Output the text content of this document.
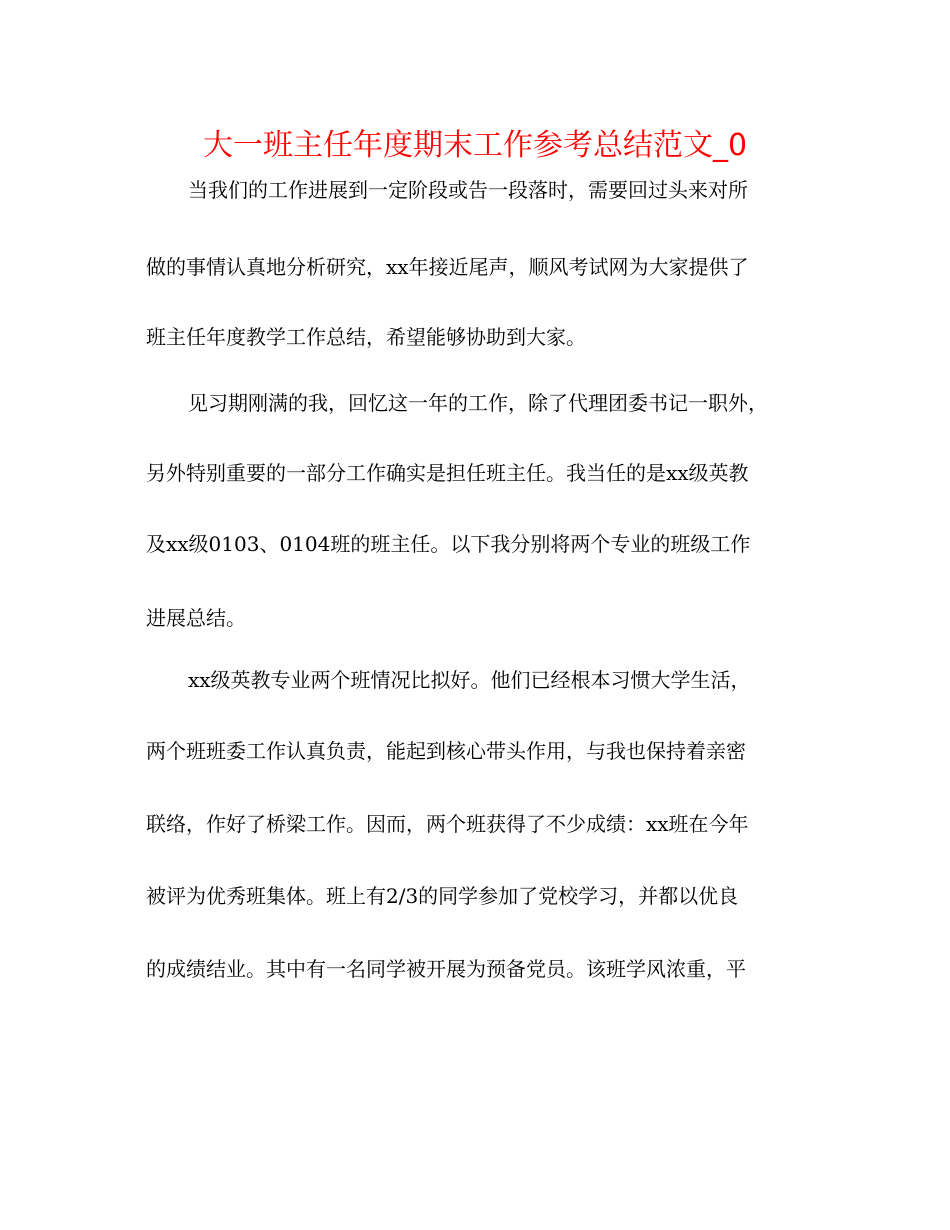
大一班主任年度期末工作参考总结范文_0
当我们的工作进展到一定阶段或告一段落时，需要回过头来对所
做的事情认真地分析研究，xx年接近尾声，顺风考试网为大家提供了
班主任年度教学工作总结，希望能够协助到大家。
见习期刚满的我，回忆这一年的工作，除了代理团委书记一职外，
另外特别重要的一部分工作确实是担任班主任。我当任的是xx级英教
及xx级0103、0104班的班主任。以下我分别将两个专业的班级工作
进展总结。
xx级英教专业两个班情况比拟好。他们已经根本习惯大学生活，
两个班班委工作认真负责，能起到核心带头作用，与我也保持着亲密
联络，作好了桥梁工作。因而，两个班获得了不少成绩：xx班在今年
被评为优秀班集体。班上有2/3的同学参加了党校学习，并都以优良
的成绩结业。其中有一名同学被开展为预备党员。该班学风浓重，平
